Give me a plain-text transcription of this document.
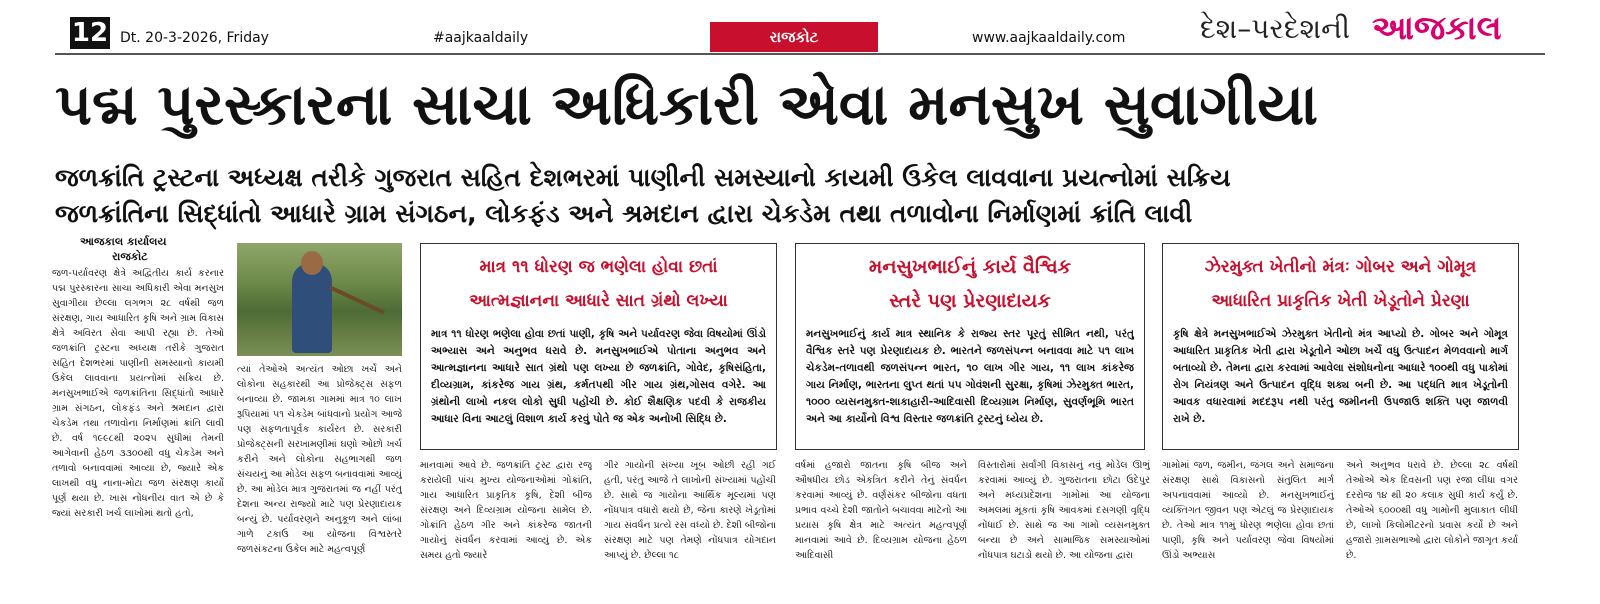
12 Dt. 20-3-2026, Friday	#aajkaaldaily	રાજકોટ	www.aajkaaldaily.com	દેશ–પરદેશની આજકાલ
પદ્મ પુરસ્કારના સાચા અધિકારી એવા મનસુખ સુવાગીયા
જળક્રાંતિ ટ્રસ્ટના અધ્યક્ષ તરીકે ગુજરાત સહિત દેશભરમાં પાણીની સમસ્યાનો કાયમી ઉકેલ લાવવાના પ્રયત્નોમાં સક્રિય
જળક્રાંતિના સિદ્ધાંતો આધારે ગ્રામ સંગઠન, લોકફંડ અને શ્રમદાન દ્વારા ચેકડેમ તથા તળાવોના નિર્માણમાં ક્રાંતિ લાવી
આજકાલ કાર્યાલય
રાજકોટ
જળ-પર્યાવરણ ક્ષેત્રે અદ્વિતીય કાર્ય કરનાર પદ્મ પુરસ્કારના સાચા અધિકારી એવા મનસુખ સુવાગીયા છેલ્લા લગભગ ૨૮ વર્ષથી જળ સંરક્ષણ, ગાય આધારિત કૃષિ અને ગ્રામ વિકાસ ક્ષેત્રે અવિરત સેવા આપી રહ્યા છે. તેઓ જળક્રાંતિ ટ્રસ્ટના અધ્યક્ષ તરીકે ગુજરાત સહિત દેશભરમાં પાણીની સમસ્યાનો કાયમી ઉકેલ લાવવાના પ્રયત્નોમાં સક્રિય છે. મનસુખભાઈએ જળક્રાંતિના સિદ્ધાંતો આધારે ગ્રામ સંગઠન, લોકફંડ અને શ્રમદાન દ્વારા ચેકડેમ તથા તળાવોના નિર્માણમાં ક્રાંતિ લાવી છે. વર્ષ ૧૯૯૮થી ૨૦૨૫ સુધીમાં તેમની આગેવાની હેઠળ ૩૩૦૦થી વધુ ચેકડેમ અને તળાવો બનાવવામાં આવ્યા છે, જ્યારે એક લાખથી વધુ નાના-મોટા જળ સંરક્ષણ કાર્યો પૂર્ણ થયા છે. ખાસ નોંધનીય વાત એ છે કે જ્યાં સરકારી ખર્ચ લાખોમાં થતો હતો,
ત્યાં તેઓએ અત્યંત ઓછા ખર્ચે અને લોકોના સહકારથી આ પ્રોજેક્ટ્સ સફળ બનાવ્યા છે. જામકા ગામમાં માત્ર ૧૦ લાખ રૂપિયામાં ૫૧ ચેકડેમ બાંધવાનો પ્રયોગ આજે પણ સફળતાપૂર્વક કાર્યરત છે. સરકારી પ્રોજેક્ટ્સની સરખામણીમાં ઘણો ઓછો ખર્ચ કરીને અને લોકોના સહભાગથી જળ સંચયનું આ મોડેલ સફળ બનાવવામાં આવ્યું છે. આ મોડેલ માત્ર ગુજરાતમાં જ નહીં પરંતુ દેશના અન્ય રાજ્યો માટે પણ પ્રેરણાદાયક બન્યું છે. પર્યાવરણને અનુકૂળ અને લાંબા ગાળે ટકાઉ આ યોજના વિશ્વસ્તરે જળસંકટના ઉકેલ માટે મહત્વપૂર્ણ
માત્ર ૧૧ ધોરણ જ ભણેલા હોવા છતાં
આત્મજ્ઞાનના આધારે સાત ગ્રંથો લખ્યા
માત્ર ૧૧ ધોરણ ભણેલા હોવા છતાં પાણી, કૃષિ અને પર્યાવરણ જેવા વિષયોમાં ઊંડો અભ્યાસ અને અનુભવ ધરાવે છે. મનસુખભાઈએ પોતાના અનુભવ અને આત્મજ્ઞાનના આધારે સાત ગ્રંથો પણ લખ્યા છે જળક્રાંતિ, ગોવેદ, કૃષિસંહિતા, દીવ્યગ્રામ, કાંકરેજ ગાય ગ્રંથ, કર્મતપથી ગીર ગાય ગ્રંથ,ગોસવ વગેરે. આ ગ્રંથોની લાખો નકલ લોકો સુધી પહોંચી છે. કોઈ શૈક્ષણિક પદવી કે રાજકીય આધાર વિના આટલું વિશાળ કાર્ય કરવું પોતે જ એક અનોખી સિદ્ધિ છે.
મનસુખભાઈનું કાર્ય વૈશ્વિક
સ્તરે પણ પ્રેરણાદાયક
મનસુખભાઈનું કાર્ય માત્ર સ્થાનિક કે રાજ્ય સ્તર પૂરતું સીમિત નથી, પરંતુ વૈશ્વિક સ્તરે પણ પ્રેરણાદાયક છે. ભારતને જળસંપન્ન બનાવવા માટે ૫૧ લાખ ચેકડેમ-તળાવથી જળસંપન્ન ભારત, ૧૦ લાખ ગીર ગાય, ૧૧ લાખ કાંકરેજ ગાય નિર્માણ, ભારતના લુપ્ત થતાં ૫૫ ગોવંશની સુરક્ષા, કૃષિમાં ઝેરમુક્ત ભારત, ૧૦૦૦ વ્યસનમુક્ત-શાકાહારી-આદિવાસી દિવ્યગ્રામ નિર્માણ, સુવર્ણભૂમિ ભારત અને આ કાર્યોનો વિશ્વ વિસ્તાર જળક્રાંતિ ટ્રસ્ટનું ધ્યેય છે.
ઝેરમુક્ત ખેતીનો મંત્રઃ ગોબર અને ગોમૂત્ર
આધારિત પ્રાકૃતિક ખેતી ખેડૂતોને પ્રેરણા
કૃષિ ક્ષેત્રે મનસુખભાઈએ ઝેરમુક્ત ખેતીનો મંત્ર આપ્યો છે. ગોબર અને ગોમૂત્ર આધારિત પ્રાકૃતિક ખેતી દ્વારા ખેડૂતોને ઓછા ખર્ચે વધુ ઉત્પાદન મેળવવાનો માર્ગ બતાવ્યો છે. તેમના દ્વારા કરવામાં આવેલા સંશોધનોના આધારે ૧૦૦થી વધુ પાકોમાં રોગ નિયંત્રણ અને ઉત્પાદન વૃદ્ધિ શક્ય બની છે. આ પદ્ધતિ માત્ર ખેડૂતોની આવક વધારવામાં મદદરૂપ નથી પરંતુ જમીનની ઉપજાઉ શક્તિ પણ જાળવી રાખે છે.
માનવામાં આવે છે. જળક્રાંતિ ટ્રસ્ટ દ્વારા રજૂ કરાયેલી પાંચ મુખ્ય યોજનાઓમાં ગોક્રાંતિ, ગાય આધારિત પ્રાકૃતિક કૃષિ, દેશી બીજ સંરક્ષણ અને દિવ્યગ્રામ યોજના સામેલ છે. ગોક્રાંતિ હેઠળ ગીર અને કાંકરેજ જાતની ગાયોનું સંવર્ધન કરવામાં આવ્યું છે. એક સમય હતો જ્યારે
ગીર ગાયોની સંખ્યા ખૂબ ઓછી રહી ગઈ હતી, પરંતુ આજે તે લાખોની સંખ્યામાં પહોંચી છે. સાથે જ ગાયોના આર્થિક મૂલ્યમાં પણ નોંધપાત્ર વધારો થયો છે, જેના કારણે ખેડૂતોમાં ગાય સંવર્ધન પ્રત્યે રસ વધ્યો છે. દેશી બીજોના સંરક્ષણ માટે પણ તેમણે નોંધપાત્ર યોગદાન આપ્યું છે. છેલ્લા ૧૮
વર્ષમાં હજારો જાતના કૃષિ બીજ અને ઔષધીય છોડ એકત્રિત કરીને તેનું સંવર્ધન કરવામાં આવ્યું છે. વર્ણસંકર બીજોના વધતા પ્રભાવ વચ્ચે દેશી જાતોને બચાવવા માટેનો આ પ્રયાસ કૃષિ ક્ષેત્ર માટે અત્યંત મહત્વપૂર્ણ માનવામાં આવે છે. દિવ્યગ્રામ યોજના હેઠળ આદિવાસી
વિસ્તારોમાં સર્વાંગી વિકાસનું નવું મોડેલ ઊભું કરવામાં આવ્યું છે. ગુજરાતના છોટા ઉદેપુર અને મધ્યપ્રદેશના ગામોમાં આ યોજના અમલમાં મૂકતાં કૃષિ આવકમાં દસગણી વૃદ્ધિ નોંધાઈ છે. સાથે જ આ ગામો વ્યસનમુક્ત બન્યા છે અને સામાજિક સમસ્યાઓમાં નોંધપાત્ર ઘટાડો થયો છે. આ યોજના દ્વારા
ગામોમાં જળ, જમીન, જંગલ અને સમાજના સંરક્ષણ સાથે વિકાસનો સંતુલિત માર્ગ અપનાવવામાં આવ્યો છે. મનસુખભાઈનું વ્યક્તિગત જીવન પણ એટલું જ પ્રેરણાદાયક છે. તેઓ માત્ર ૧૧મું ધોરણ ભણેલા હોવા છતાં પાણી, કૃષિ અને પર્યાવરણ જેવા વિષયોમાં ઊંડો અભ્યાસ
અને અનુભવ ધરાવે છે. છેલ્લા ૨૮ વર્ષથી તેઓએ એક દિવસની પણ રજા લીધા વગર દરરોજ ૧૪ થી ૨૦ કલાક સુધી કાર્ય કર્યું છે. તેઓએ ૬૦૦૦થી વધુ ગામોની મુલાકાત લીધી છે, લાખો કિલોમીટરનો પ્રવાસ કર્યો છે અને હજારો ગ્રામસભાઓ દ્વારા લોકોને જાગૃત કર્યા છે.
